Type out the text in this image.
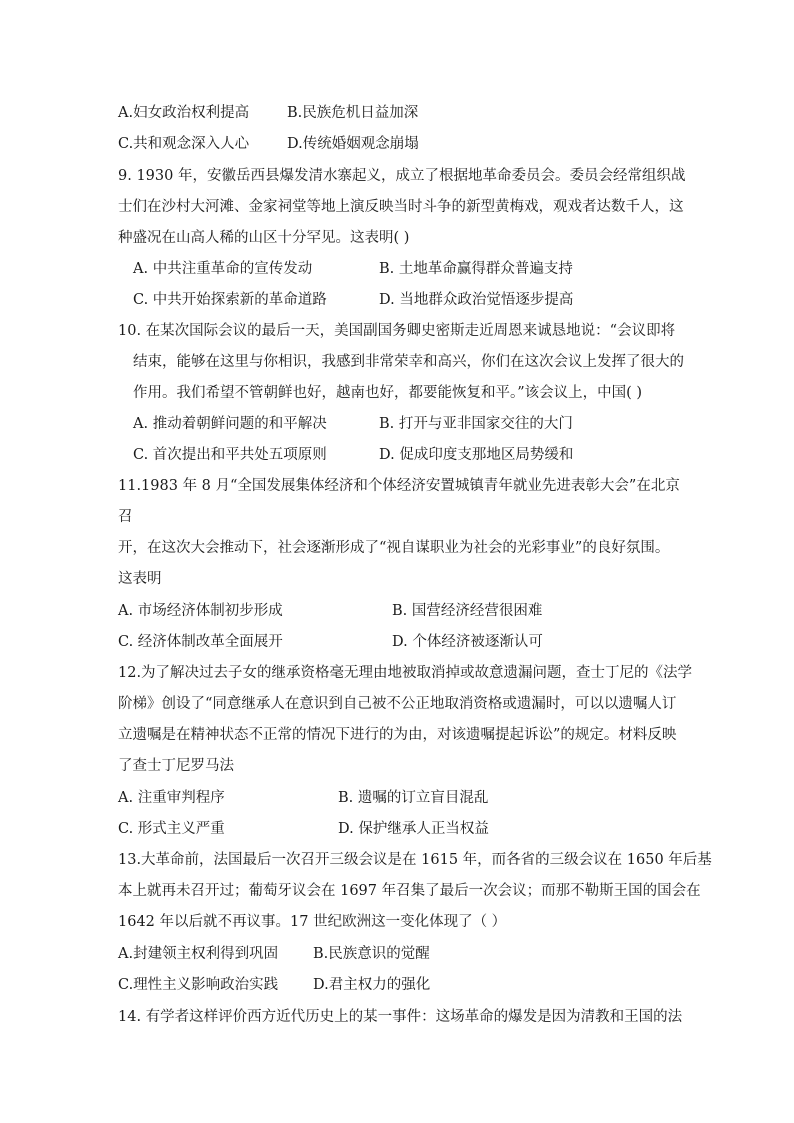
A.妇女政治权利提高	B.民族危机日益加深
C.共和观念深入人心	D.传统婚姻观念崩塌
9. 1930 年，安徽岳西县爆发清水寨起义，成立了根据地革命委员会。委员会经常组织战
士们在沙村大河滩、金家祠堂等地上演反映当时斗争的新型黄梅戏，观戏者达数千人，这
种盛况在山高人稀的山区十分罕见。这表明( )
A. 中共注重革命的宣传发动	B. 土地革命赢得群众普遍支持
C. 中共开始探索新的革命道路	D. 当地群众政治觉悟逐步提高
10. 在某次国际会议的最后一天，美国副国务卿史密斯走近周恩来诚恳地说：“会议即将
结束，能够在这里与你相识，我感到非常荣幸和高兴，你们在这次会议上发挥了很大的
作用。我们希望不管朝鲜也好，越南也好，都要能恢复和平。”该会议上，中国( )
A. 推动着朝鲜问题的和平解决	B. 打开与亚非国家交往的大门
C. 首次提出和平共处五项原则	D. 促成印度支那地区局势缓和
11.1983 年 8 月“全国发展集体经济和个体经济安置城镇青年就业先进表彰大会”在北京
召
开，在这次大会推动下，社会逐渐形成了“视自谋职业为社会的光彩事业”的良好氛围。
这表明
A. 市场经济体制初步形成	B. 国营经济经营很困难
C. 经济体制改革全面展开	D. 个体经济被逐渐认可
12.为了解决过去子女的继承资格毫无理由地被取消掉或故意遗漏问题，查士丁尼的《法学
阶梯》创设了“同意继承人在意识到自己被不公正地取消资格或遗漏时，可以以遗嘱人订
立遗嘱是在精神状态不正常的情况下进行的为由，对该遗嘱提起诉讼”的规定。材料反映
了查士丁尼罗马法
A. 注重审判程序	B. 遗嘱的订立盲目混乱
C. 形式主义严重	D. 保护继承人正当权益
13.大革命前，法国最后一次召开三级会议是在 1615 年，而各省的三级会议在 1650 年后基
本上就再未召开过；葡萄牙议会在 1697 年召集了最后一次会议；而那不勒斯王国的国会在
1642 年以后就不再议事。17 世纪欧洲这一变化体现了（ ）
A.封建领主权利得到巩固 B.民族意识的觉醒
C.理性主义影响政治实践 D.君主权力的强化
14. 有学者这样评价西方近代历史上的某一事件：这场革命的爆发是因为清教和王国的法
